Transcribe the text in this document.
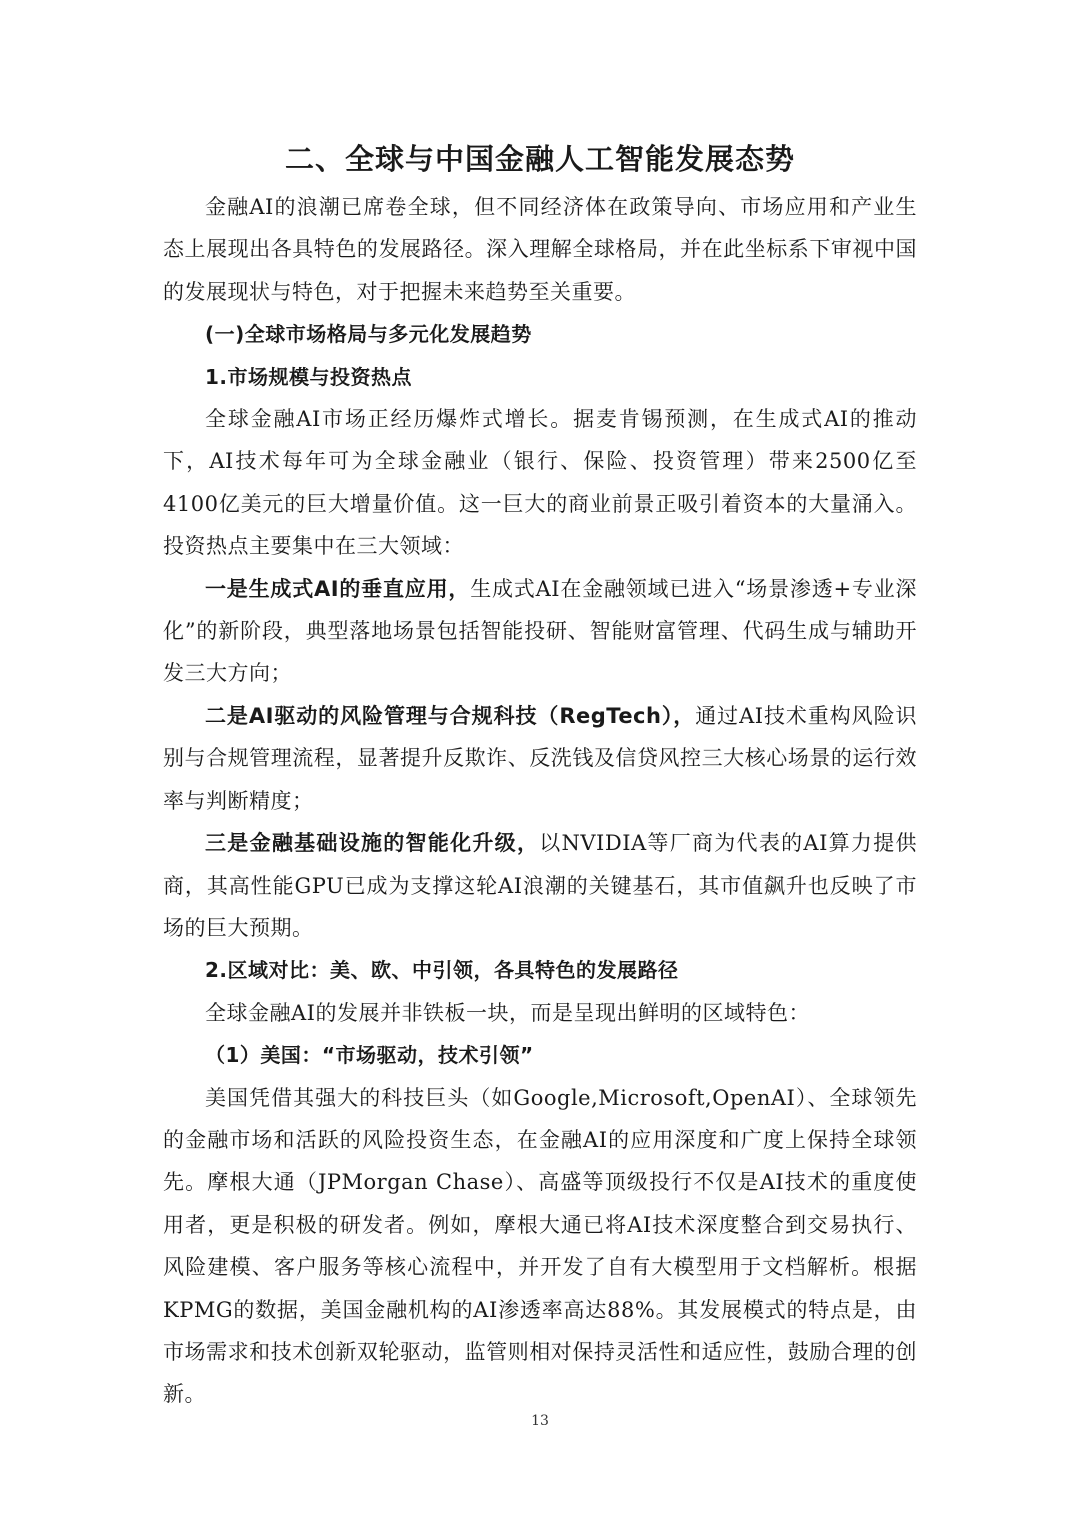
二、全球与中国金融人工智能发展态势

金融AI的浪潮已席卷全球，但不同经济体在政策导向、市场应用和产业生态上展现出各具特色的发展路径。深入理解全球格局，并在此坐标系下审视中国的发展现状与特色，对于把握未来趋势至关重要。

(一)全球市场格局与多元化发展趋势

1.市场规模与投资热点

全球金融AI市场正经历爆炸式增长。据麦肯锡预测，在生成式AI的推动下，AI技术每年可为全球金融业（银行、保险、投资管理）带来2500亿至4100亿美元的巨大增量价值。这一巨大的商业前景正吸引着资本的大量涌入。投资热点主要集中在三大领域：

一是生成式AI的垂直应用，生成式AI在金融领域已进入“场景渗透+专业深化”的新阶段，典型落地场景包括智能投研、智能财富管理、代码生成与辅助开发三大方向；

二是AI驱动的风险管理与合规科技（RegTech），通过AI技术重构风险识别与合规管理流程，显著提升反欺诈、反洗钱及信贷风控三大核心场景的运行效率与判断精度；

三是金融基础设施的智能化升级，以NVIDIA等厂商为代表的AI算力提供商，其高性能GPU已成为支撑这轮AI浪潮的关键基石，其市值飙升也反映了市场的巨大预期。

2.区域对比：美、欧、中引领，各具特色的发展路径

全球金融AI的发展并非铁板一块，而是呈现出鲜明的区域特色：

（1）美国：“市场驱动，技术引领”

美国凭借其强大的科技巨头（如Google,Microsoft,OpenAI）、全球领先的金融市场和活跃的风险投资生态，在金融AI的应用深度和广度上保持全球领先。摩根大通（JPMorgan Chase）、高盛等顶级投行不仅是AI技术的重度使用者，更是积极的研发者。例如，摩根大通已将AI技术深度整合到交易执行、风险建模、客户服务等核心流程中，并开发了自有大模型用于文档解析。根据KPMG的数据，美国金融机构的AI渗透率高达88%。其发展模式的特点是，由市场需求和技术创新双轮驱动，监管则相对保持灵活性和适应性，鼓励合理的创新。

13
